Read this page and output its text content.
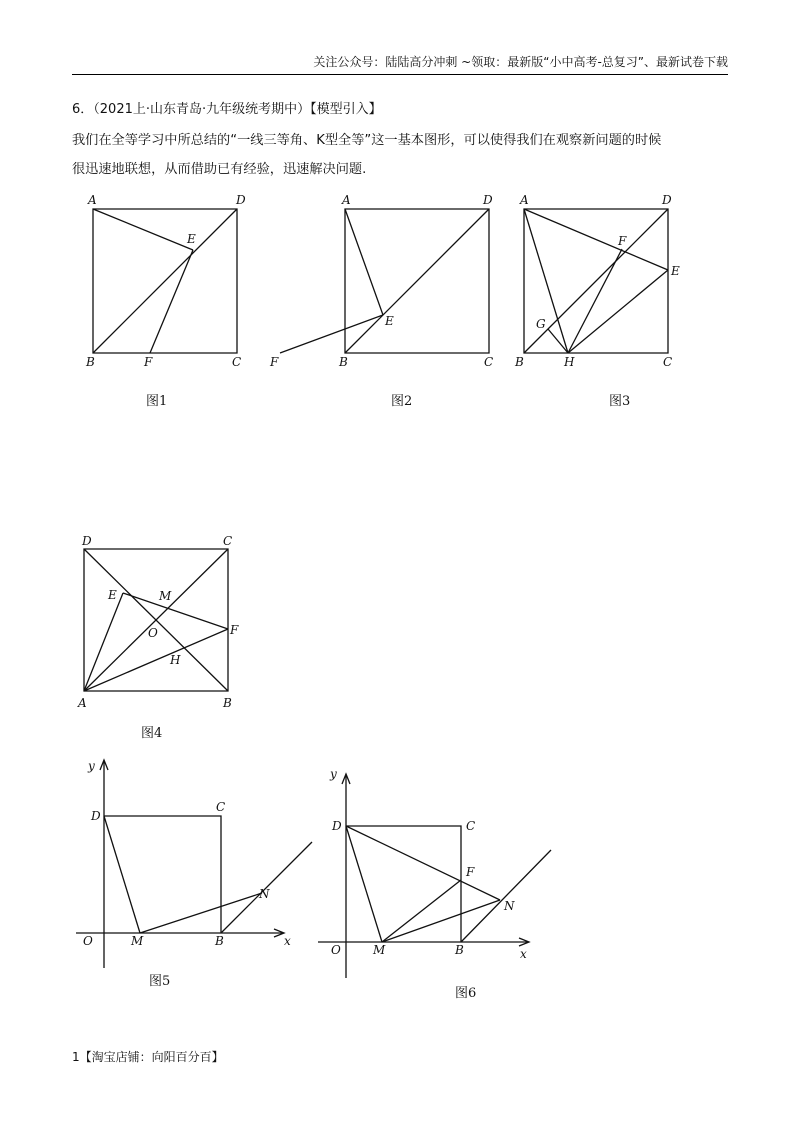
关注公众号：陆陆高分冲刺 ~领取：最新版“小中高考-总复习”、最新试卷下载
6．（2021上·山东青岛·九年级统考期中）【模型引入】
我们在全等学习中所总结的“一线三等角、K型全等”这一基本图形，可以使得我们在观察新问题的时候
很迅速地联想，从而借助已有经验，迅速解决问题.
A	D
E
B	F	C
图1
A	D
E
F	B	C
图2
A	D
F
E
G
B	H	C
图3
D	C
E	M
O	F
H
A	B
图4
y
D
C
N
O	M	B	x
图5
y
D	C
F
N
O	M	B	x
图6
1【淘宝店铺：向阳百分百】
